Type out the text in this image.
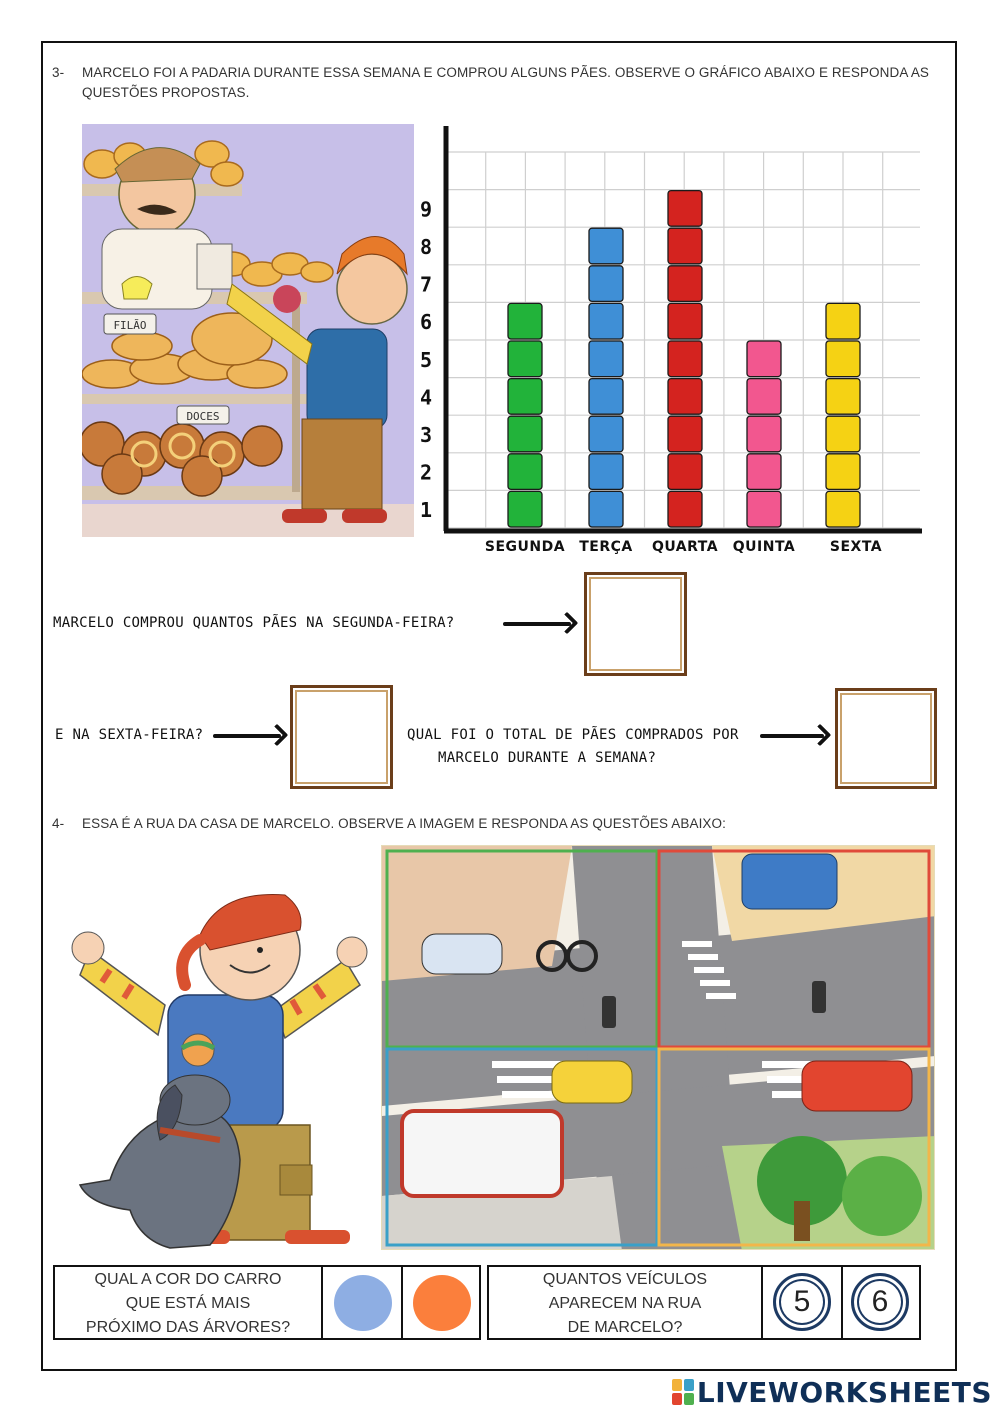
3- MARCELO FOI A PADARIA DURANTE ESSA SEMANA E COMPROU ALGUNS PÃES. OBSERVE O GRÁFICO ABAIXO E RESPONDA AS QUESTÕES PROPOSTAS.
FILÃO
DOCES
1
2
3
4
5
6
7
8
9
SEGUNDA	TERÇA	QUARTA	QUINTA	SEXTA
MARCELO COMPROU QUANTOS PÃES NA SEGUNDA-FEIRA?
E NA SEXTA-FEIRA?	QUAL FOI O TOTAL DE PÃES COMPRADOS POR
MARCELO DURANTE A SEMANA?
4- ESSA É A RUA DA CASA DE MARCELO. OBSERVE A IMAGEM E RESPONDA AS QUESTÕES ABAIXO:
QUAL A COR DO CARRO
QUE ESTÁ MAIS
PRÓXIMO DAS ÁRVORES?
QUANTOS VEÍCULOS
APARECEM NA RUA
DE MARCELO?
5	6
LIVEWORKSHEETS
